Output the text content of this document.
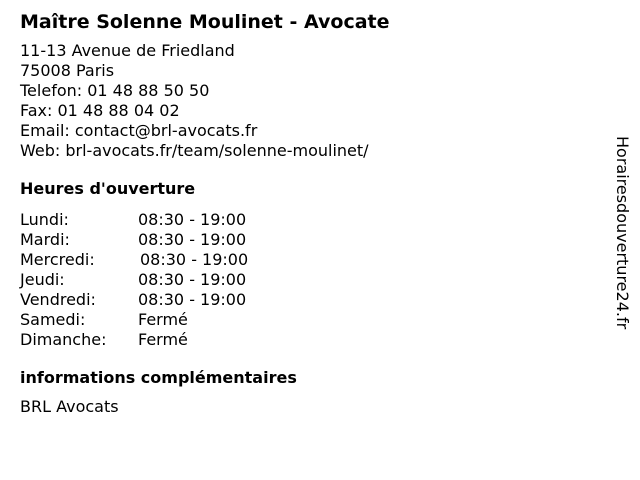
Maître Solenne Moulinet - Avocate
11-13 Avenue de Friedland
75008 Paris
Telefon: 01 48 88 50 50
Fax: 01 48 88 04 02
Email: contact@brl-avocats.fr
Web: brl-avocats.fr/team/solenne-moulinet/
Heures d'ouverture
Lundi:	08:30 - 19:00
Mardi:	08:30 - 19:00
Mercredi:	08:30 - 19:00
Jeudi:	08:30 - 19:00
Vendredi:	08:30 - 19:00
Samedi:	Fermé
Dimanche: Fermé
informations complémentaires
BRL Avocats
Horairesdouverture24.fr
